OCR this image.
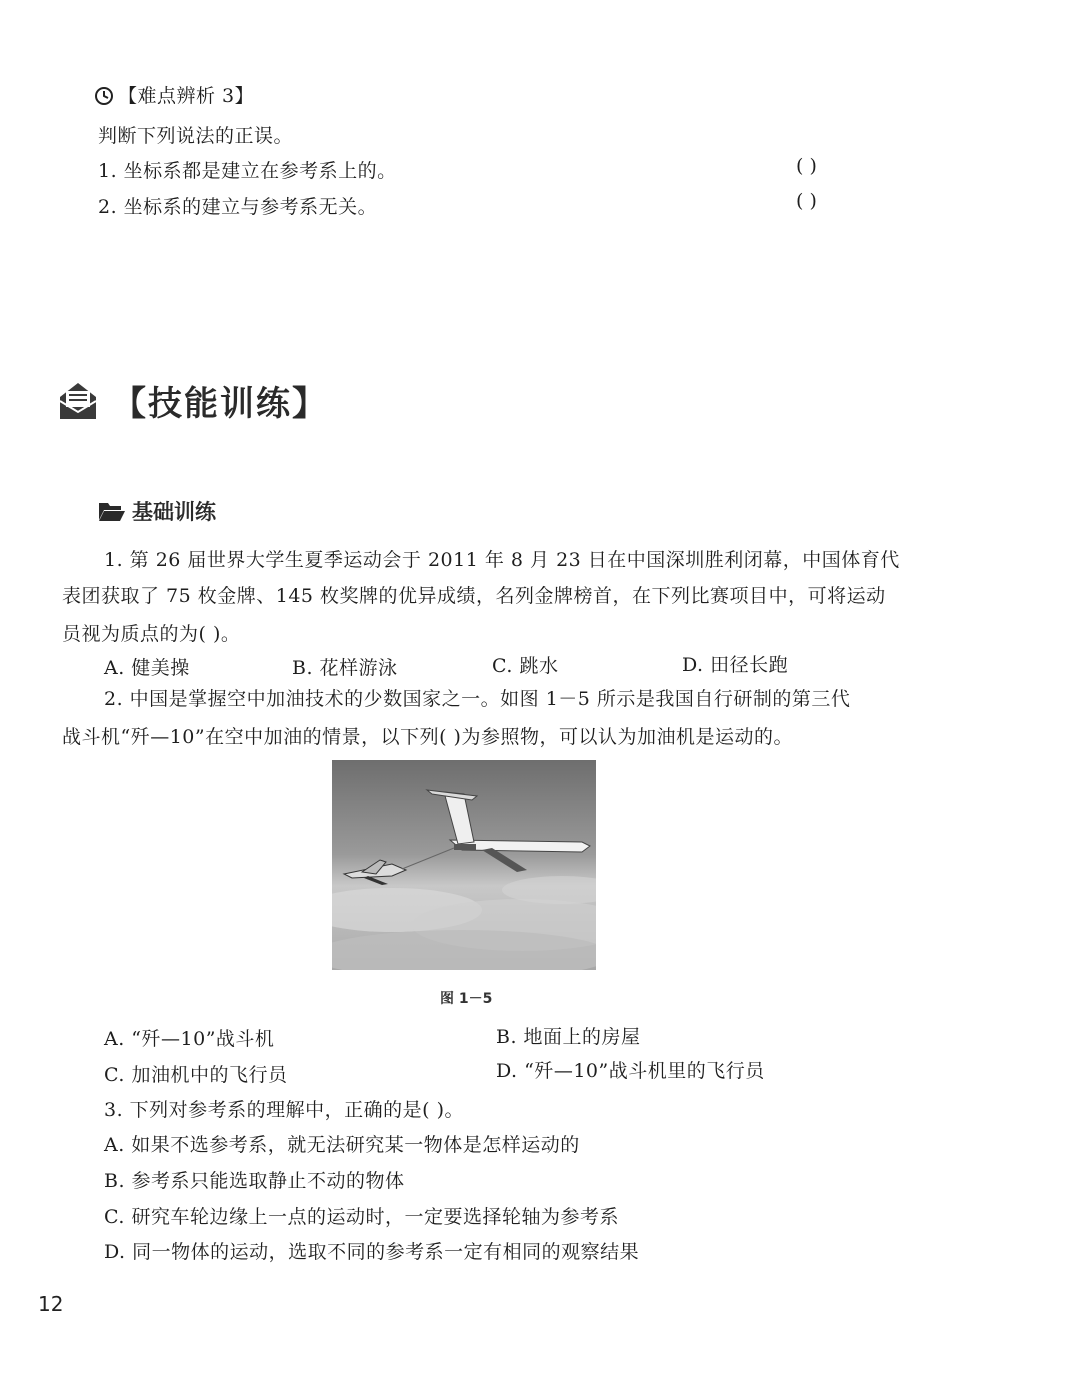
【难点辨析 3】
判断下列说法的正误。
1. 坐标系都是建立在参考系上的。	( )
2. 坐标系的建立与参考系无关。	( )
【技能训练】
基础训练
1. 第 26 届世界大学生夏季运动会于 2011 年 8 月 23 日在中国深圳胜利闭幕，中国体育代
表团获取了 75 枚金牌、145 枚奖牌的优异成绩，名列金牌榜首，在下列比赛项目中，可将运动
员视为质点的为( )。
A. 健美操	B. 花样游泳	C. 跳水	D. 田径长跑
2. 中国是掌握空中加油技术的少数国家之一。如图 1－5 所示是我国自行研制的第三代
战斗机“歼—10”在空中加油的情景，以下列( )为参照物，可以认为加油机是运动的。
图 1－5
A. “歼—10”战斗机	B. 地面上的房屋
C. 加油机中的飞行员	D. “歼—10”战斗机里的飞行员
3. 下列对参考系的理解中，正确的是( )。
A. 如果不选参考系，就无法研究某一物体是怎样运动的
B. 参考系只能选取静止不动的物体
C. 研究车轮边缘上一点的运动时，一定要选择轮轴为参考系
D. 同一物体的运动，选取不同的参考系一定有相同的观察结果
12
